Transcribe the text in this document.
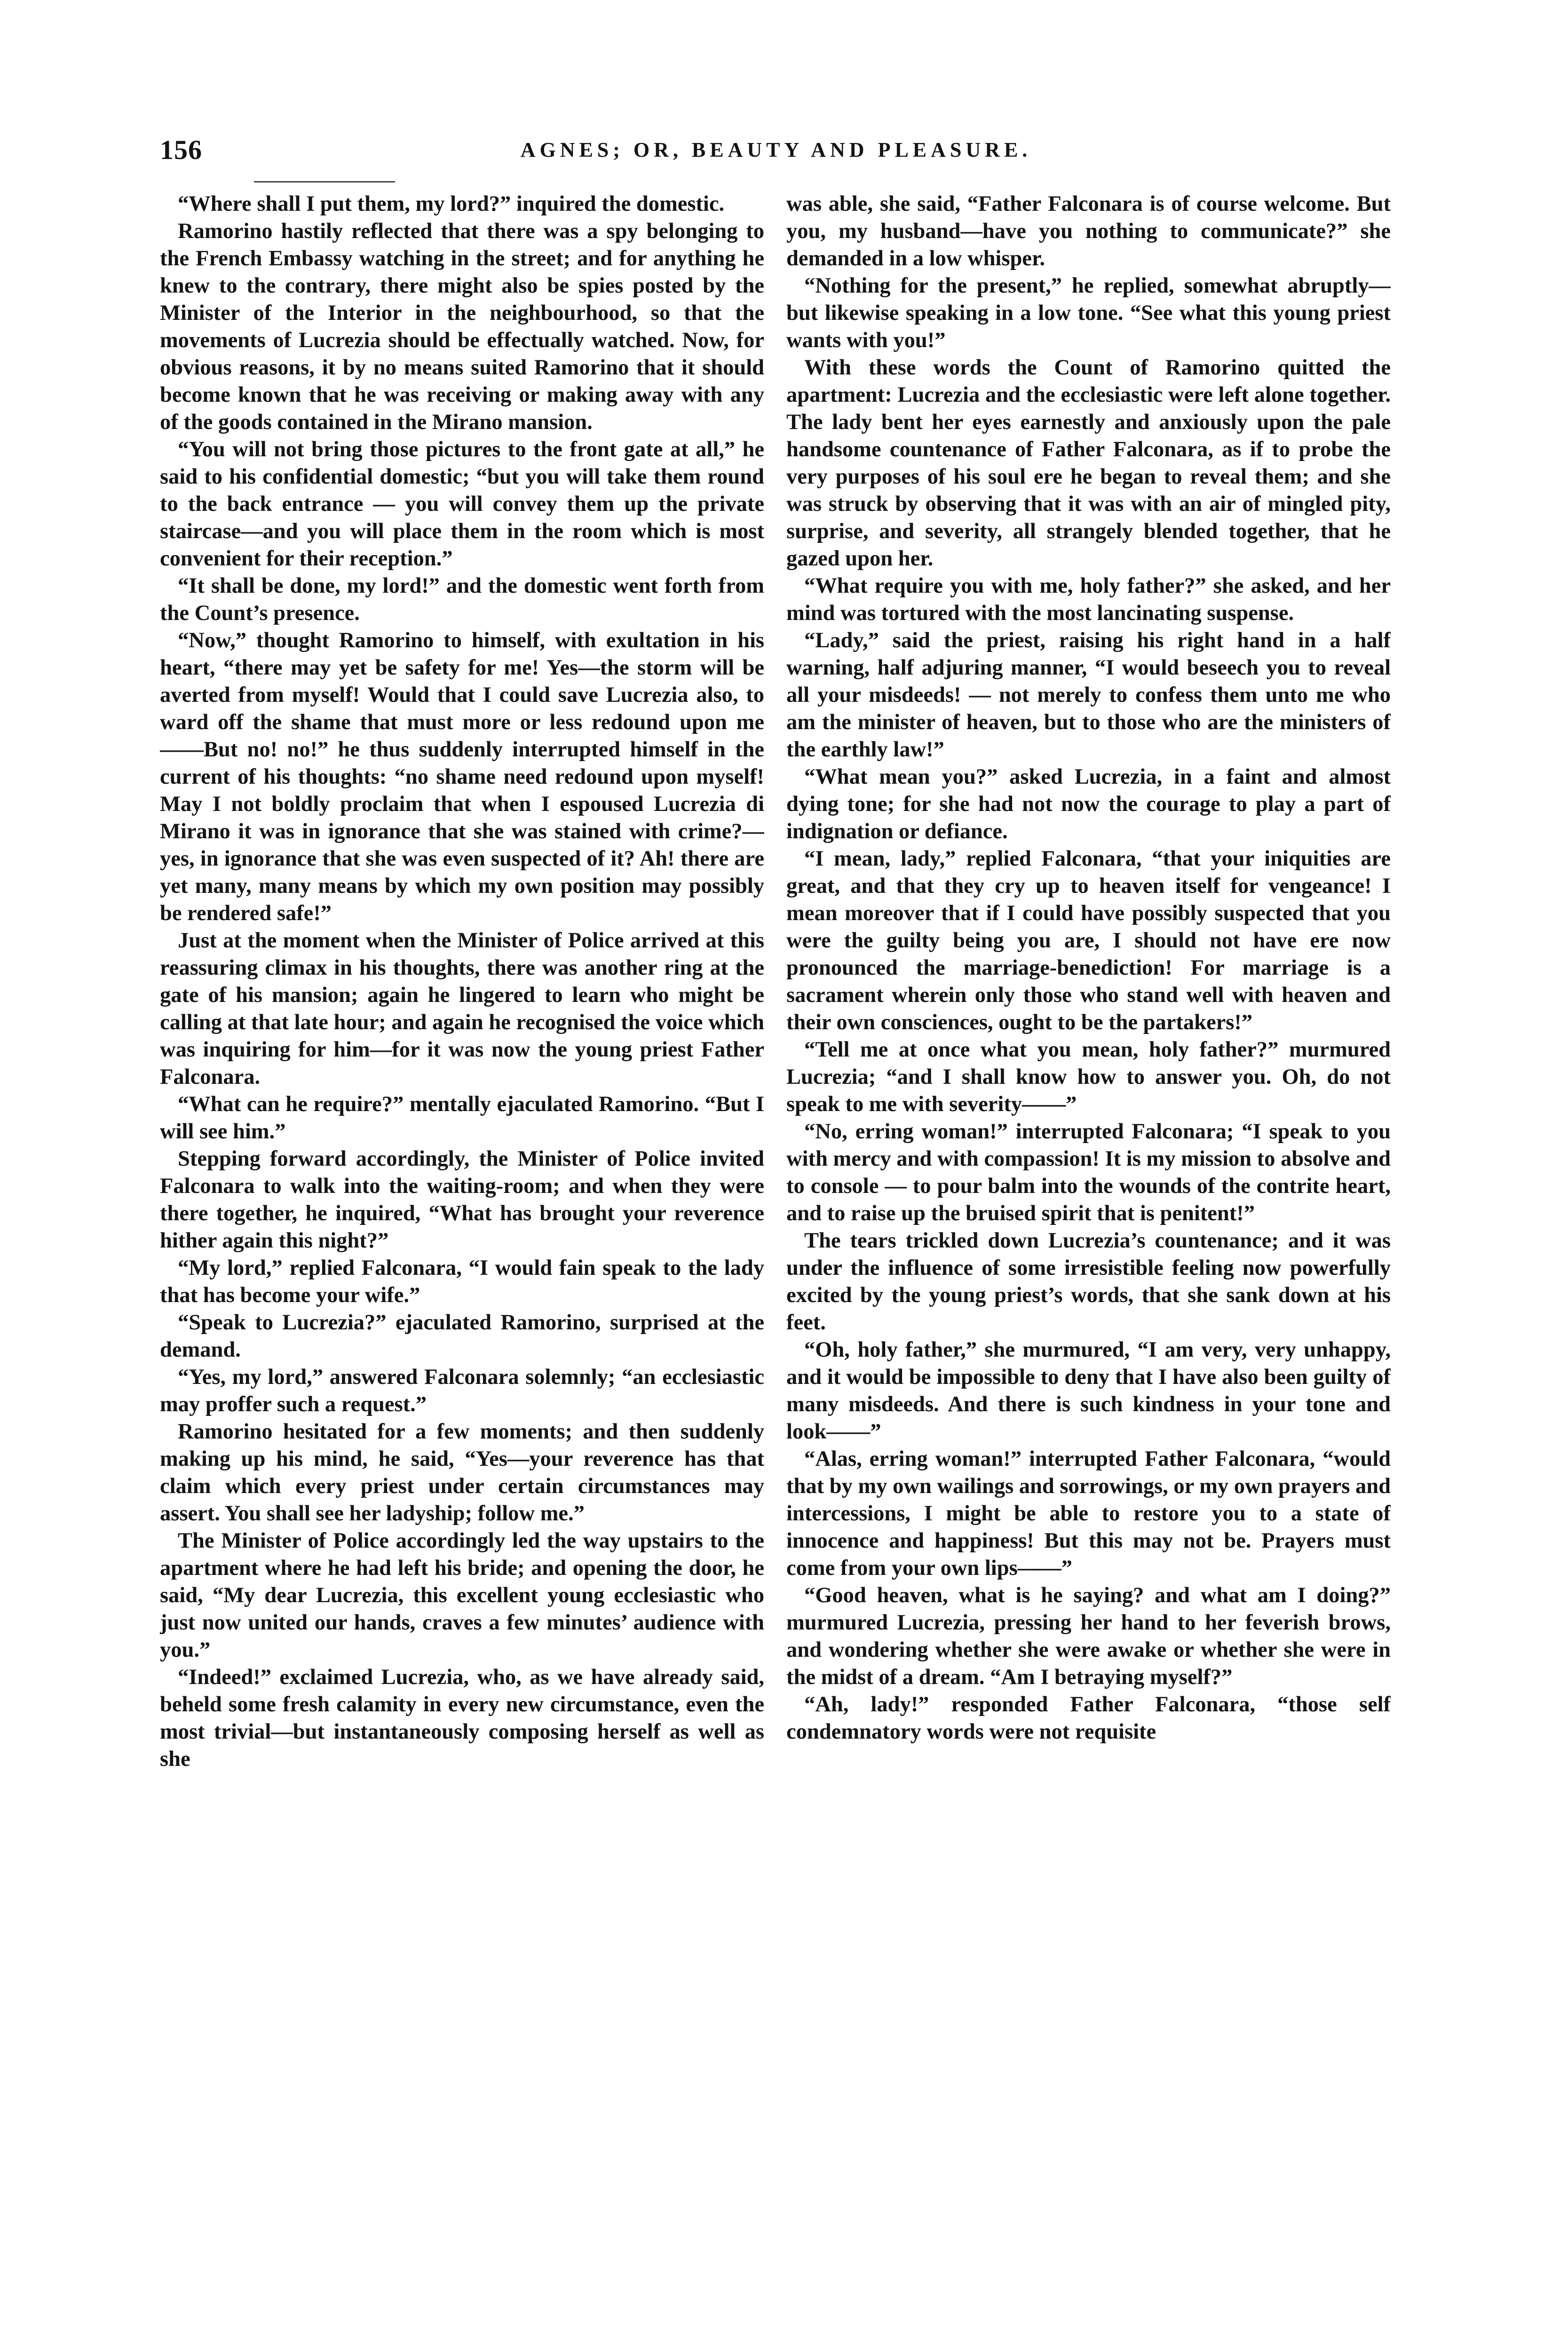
156	AGNES; OR, BEAUTY AND PLEASURE.

“Where shall I put them, my lord?” inquired the domestic.

Ramorino hastily reflected that there was a spy belonging to the French Embassy watching in the street; and for anything he knew to the contrary, there might also be spies posted by the Minister of the Interior in the neighbourhood, so that the movements of Lucrezia should be effectually watched. Now, for obvious reasons, it by no means suited Ramorino that it should become known that he was receiving or making away with any of the goods contained in the Mirano mansion.

“You will not bring those pictures to the front gate at all,” he said to his confidential domestic; “but you will take them round to the back entrance — you will convey them up the private staircase—and you will place them in the room which is most convenient for their reception.”

“It shall be done, my lord!” and the domestic went forth from the Count’s presence.

“Now,” thought Ramorino to himself, with exultation in his heart, “there may yet be safety for me! Yes—the storm will be averted from myself! Would that I could save Lucrezia also, to ward off the shame that must more or less redound upon me——But no! no!” he thus suddenly interrupted himself in the current of his thoughts: “no shame need redound upon myself! May I not boldly proclaim that when I espoused Lucrezia di Mirano it was in ignorance that she was stained with crime?—yes, in ignorance that she was even suspected of it? Ah! there are yet many, many means by which my own position may possibly be rendered safe!”

Just at the moment when the Minister of Police arrived at this reassuring climax in his thoughts, there was another ring at the gate of his mansion; again he lingered to learn who might be calling at that late hour; and again he recognised the voice which was inquiring for him—for it was now the young priest Father Falconara.

“What can he require?” mentally ejaculated Ramorino. “But I will see him.”

Stepping forward accordingly, the Minister of Police invited Falconara to walk into the waiting-room; and when they were there together, he inquired, “What has brought your reverence hither again this night?”

“My lord,” replied Falconara, “I would fain speak to the lady that has become your wife.”

“Speak to Lucrezia?” ejaculated Ramorino, surprised at the demand.

“Yes, my lord,” answered Falconara solemnly; “an ecclesiastic may proffer such a request.”

Ramorino hesitated for a few moments; and then suddenly making up his mind, he said, “Yes—your reverence has that claim which every priest under certain circumstances may assert. You shall see her ladyship; follow me.”

The Minister of Police accordingly led the way upstairs to the apartment where he had left his bride; and opening the door, he said, “My dear Lucrezia, this excellent young ecclesiastic who just now united our hands, craves a few minutes’ audience with you.”

“Indeed!” exclaimed Lucrezia, who, as we have already said, beheld some fresh calamity in every new circumstance, even the most trivial—but instantaneously composing herself as well as she

was able, she said, “Father Falconara is of course welcome. But you, my husband—have you nothing to communicate?” she demanded in a low whisper.

“Nothing for the present,” he replied, somewhat abruptly—but likewise speaking in a low tone. “See what this young priest wants with you!”

With these words the Count of Ramorino quitted the apartment: Lucrezia and the ecclesiastic were left alone together. The lady bent her eyes earnestly and anxiously upon the pale handsome countenance of Father Falconara, as if to probe the very purposes of his soul ere he began to reveal them; and she was struck by observing that it was with an air of mingled pity, surprise, and severity, all strangely blended together, that he gazed upon her.

“What require you with me, holy father?” she asked, and her mind was tortured with the most lancinating suspense.

“Lady,” said the priest, raising his right hand in a half warning, half adjuring manner, “I would beseech you to reveal all your misdeeds! — not merely to confess them unto me who am the minister of heaven, but to those who are the ministers of the earthly law!”

“What mean you?” asked Lucrezia, in a faint and almost dying tone; for she had not now the courage to play a part of indignation or defiance.

“I mean, lady,” replied Falconara, “that your iniquities are great, and that they cry up to heaven itself for vengeance! I mean moreover that if I could have possibly suspected that you were the guilty being you are, I should not have ere now pronounced the marriage-benediction! For marriage is a sacrament wherein only those who stand well with heaven and their own consciences, ought to be the partakers!”

“Tell me at once what you mean, holy father?” murmured Lucrezia; “and I shall know how to answer you. Oh, do not speak to me with severity——”

“No, erring woman!” interrupted Falconara; “I speak to you with mercy and with compassion! It is my mission to absolve and to console — to pour balm into the wounds of the contrite heart, and to raise up the bruised spirit that is penitent!”

The tears trickled down Lucrezia’s countenance; and it was under the influence of some irresistible feeling now powerfully excited by the young priest’s words, that she sank down at his feet.

“Oh, holy father,” she murmured, “I am very, very unhappy, and it would be impossible to deny that I have also been guilty of many misdeeds. And there is such kindness in your tone and look——”

“Alas, erring woman!” interrupted Father Falconara, “would that by my own wailings and sorrowings, or my own prayers and intercessions, I might be able to restore you to a state of innocence and happiness! But this may not be. Prayers must come from your own lips——”

“Good heaven, what is he saying? and what am I doing?” murmured Lucrezia, pressing her hand to her feverish brows, and wondering whether she were awake or whether she were in the midst of a dream. “Am I betraying myself?”

“Ah, lady!” responded Father Falconara, “those self condemnatory words were not requisite
